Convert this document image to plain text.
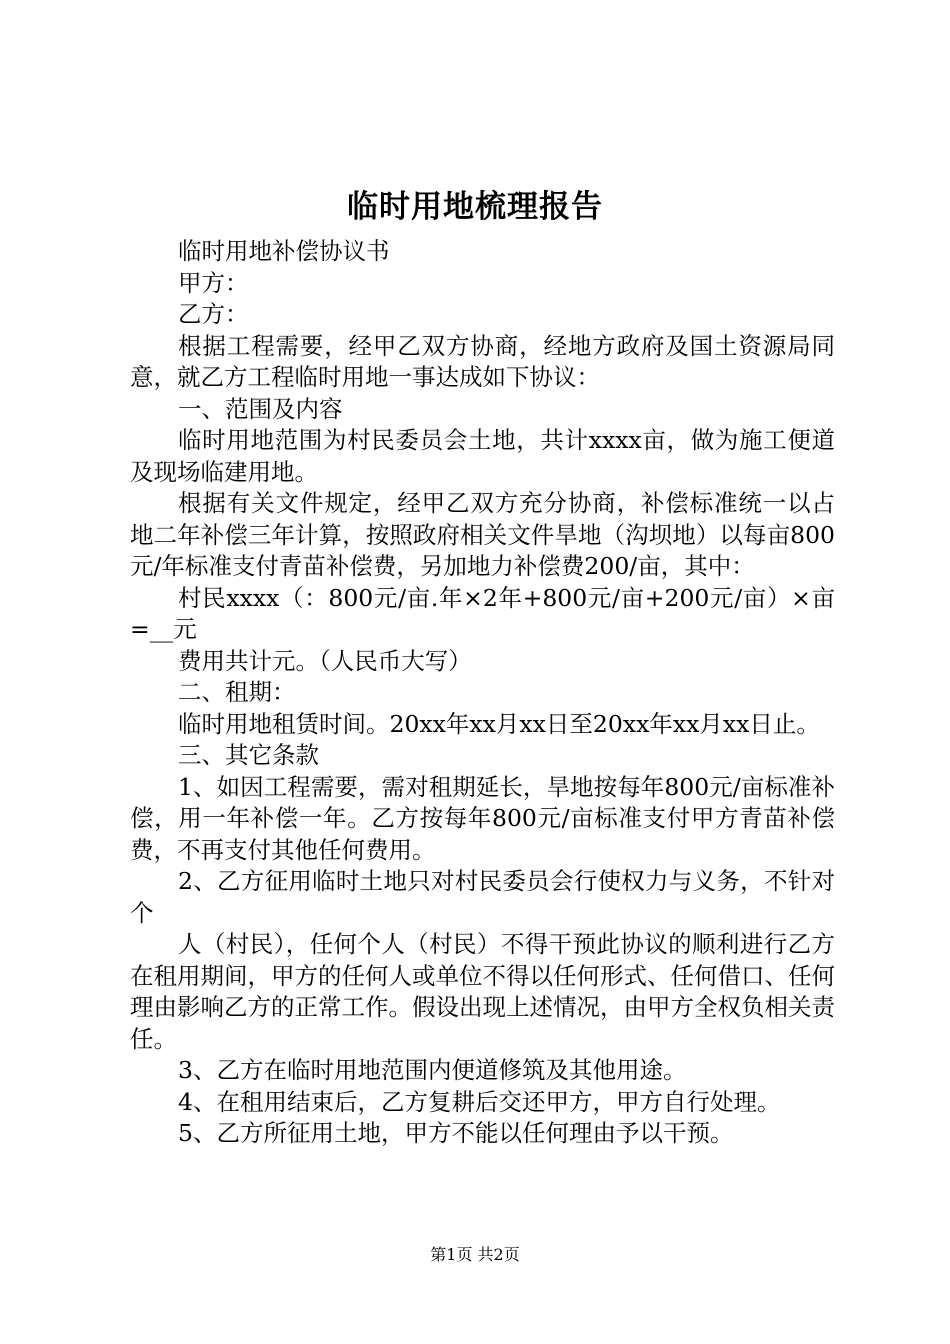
临时用地梳理报告

临时用地补偿协议书

甲方：

乙方：

根据工程需要，经甲乙双方协商，经地方政府及国土资源局同意，就乙方工程临时用地一事达成如下协议：

一、范围及内容

临时用地范围为村民委员会土地，共计xxxx亩，做为施工便道及现场临建用地。

根据有关文件规定，经甲乙双方充分协商，补偿标准统一以占地二年补偿三年计算，按照政府相关文件旱地（沟坝地）以每亩800元/年标准支付青苗补偿费，另加地力补偿费200/亩，其中：

村民xxxx（：800元/亩.年×2年+800元/亩+200元/亩）×亩=__元

费用共计元。（人民币大写）

二、租期：

临时用地租赁时间。20xx年xx月xx日至20xx年xx月xx日止。

三、其它条款

1、如因工程需要，需对租期延长，旱地按每年800元/亩标准补偿，用一年补偿一年。乙方按每年800元/亩标准支付甲方青苗补偿费，不再支付其他任何费用。

2、乙方征用临时土地只对村民委员会行使权力与义务，不针对个

人（村民），任何个人（村民）不得干预此协议的顺利进行乙方在租用期间，甲方的任何人或单位不得以任何形式、任何借口、任何理由影响乙方的正常工作。假设出现上述情况，由甲方全权负相关责任。

3、乙方在临时用地范围内便道修筑及其他用途。

4、在租用结束后，乙方复耕后交还甲方，甲方自行处理。

5、乙方所征用土地，甲方不能以任何理由予以干预。

第1页 共2页
